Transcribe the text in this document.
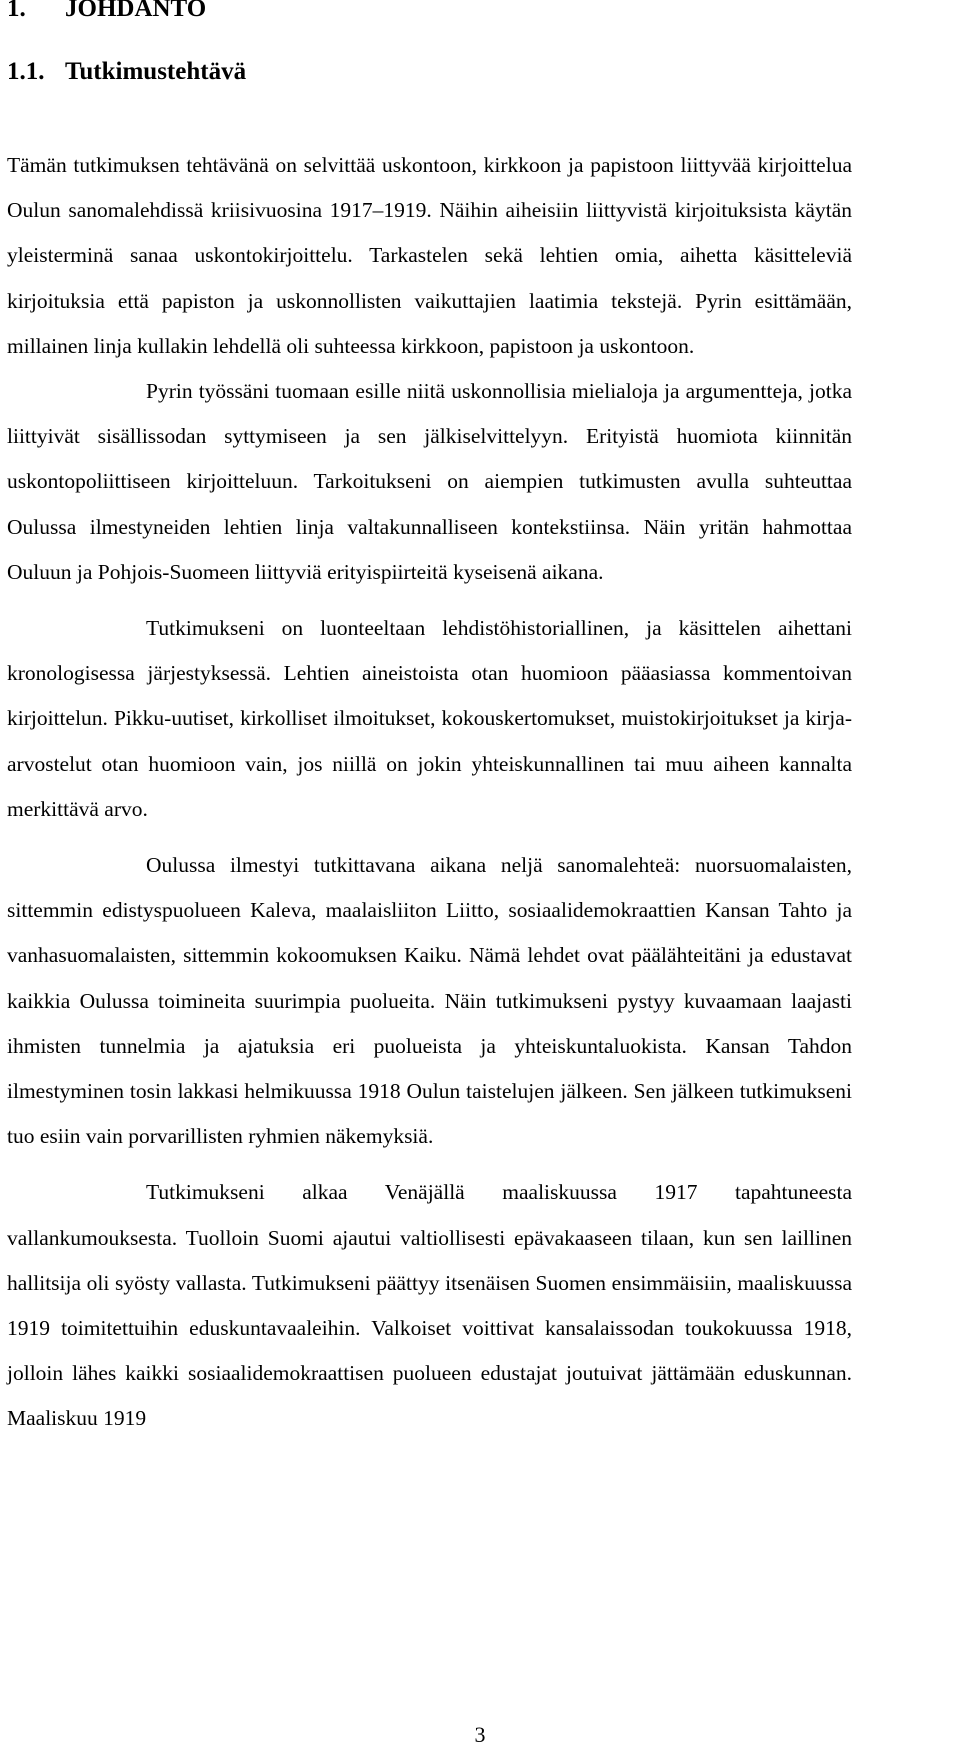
1. JOHDANTO
1.1. Tutkimustehtävä

Tämän tutkimuksen tehtävänä on selvittää uskontoon, kirkkoon ja papistoon liittyvää kirjoittelua Oulun sanomalehdissä kriisivuosina 1917–1919. Näihin aiheisiin liittyvistä kirjoituksista käytän yleisterminä sanaa uskontokirjoittelu. Tarkastelen sekä lehtien omia, aihetta käsitteleviä kirjoituksia että papiston ja uskonnollisten vaikuttajien laatimia tekstejä. Pyrin esittämään, millainen linja kullakin lehdellä oli suhteessa kirkkoon, papistoon ja uskontoon.

Pyrin työssäni tuomaan esille niitä uskonnollisia mielialoja ja argumentteja, jotka liittyivät sisällissodan syttymiseen ja sen jälkiselvittelyyn. Erityistä huomiota kiinnitän uskontopoliittiseen kirjoitteluun. Tarkoitukseni on aiempien tutkimusten avulla suhteuttaa Oulussa ilmestyneiden lehtien linja valtakunnalliseen kontekstiinsa. Näin yritän hahmottaa Ouluun ja Pohjois-Suomeen liittyviä erityispiirteitä kyseisenä aikana.

Tutkimukseni on luonteeltaan lehdistöhistoriallinen, ja käsittelen aihettani kronologisessa järjestyksessä. Lehtien aineistoista otan huomioon pääasiassa kommentoivan kirjoittelun. Pikku-uutiset, kirkolliset ilmoitukset, kokouskertomukset, muistokirjoitukset ja kirja-arvostelut otan huomioon vain, jos niillä on jokin yhteiskunnallinen tai muu aiheen kannalta merkittävä arvo.

Oulussa ilmestyi tutkittavana aikana neljä sanomalehteä: nuorsuomalaisten, sittemmin edistyspuolueen Kaleva, maalaisliiton Liitto, sosiaalidemokraattien Kansan Tahto ja vanhasuomalaisten, sittemmin kokoomuksen Kaiku. Nämä lehdet ovat päälähteitäni ja edustavat kaikkia Oulussa toimineita suurimpia puolueita. Näin tutkimukseni pystyy kuvaamaan laajasti ihmisten tunnelmia ja ajatuksia eri puolueista ja yhteiskuntaluokista. Kansan Tahdon ilmestyminen tosin lakkasi helmikuussa 1918 Oulun taistelujen jälkeen. Sen jälkeen tutkimukseni tuo esiin vain porvarillisten ryhmien näkemyksiä.

Tutkimukseni alkaa Venäjällä maaliskuussa 1917 tapahtuneesta vallankumouksesta. Tuolloin Suomi ajautui valtiollisesti epävakaaseen tilaan, kun sen laillinen hallitsija oli syösty vallasta. Tutkimukseni päättyy itsenäisen Suomen ensimmäisiin, maaliskuussa 1919 toimitettuihin eduskuntavaaleihin. Valkoiset voittivat kansalaissodan toukokuussa 1918, jolloin lähes kaikki sosiaalidemokraattisen puolueen edustajat joutuivat jättämään eduskunnan. Maaliskuu 1919

3
